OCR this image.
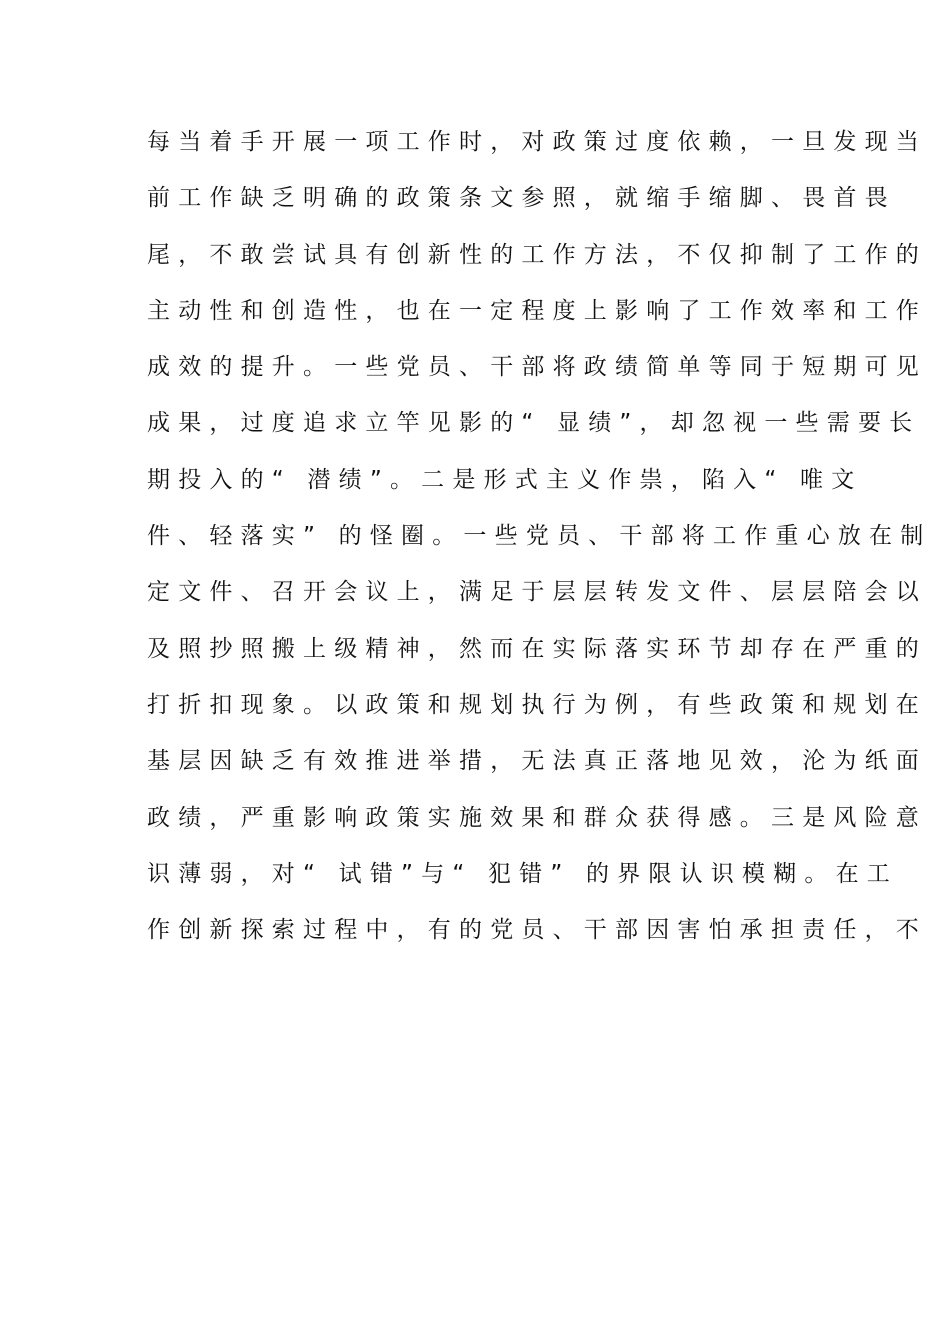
每当着手开展一项工作时，对政策过度依赖，一旦发现当
前工作缺乏明确的政策条文参照，就缩手缩脚、畏首畏
尾，不敢尝试具有创新性的工作方法，不仅抑制了工作的
主动性和创造性，也在一定程度上影响了工作效率和工作
成效的提升。一些党员、干部将政绩简单等同于短期可见
成果，过度追求立竿见影的“ 显绩”，却忽视一些需要长
期投入的“ 潜绩”。二是形式主义作祟，陷入“ 唯文
件、轻落实” 的怪圈。一些党员、干部将工作重心放在制
定文件、召开会议上，满足于层层转发文件、层层陪会以
及照抄照搬上级精神，然而在实际落实环节却存在严重的
打折扣现象。以政策和规划执行为例，有些政策和规划在
基层因缺乏有效推进举措，无法真正落地见效，沦为纸面
政绩，严重影响政策实施效果和群众获得感。三是风险意
识薄弱，对“ 试错”与“ 犯错” 的界限认识模糊。在工
作创新探索过程中，有的党员、干部因害怕承担责任，不
